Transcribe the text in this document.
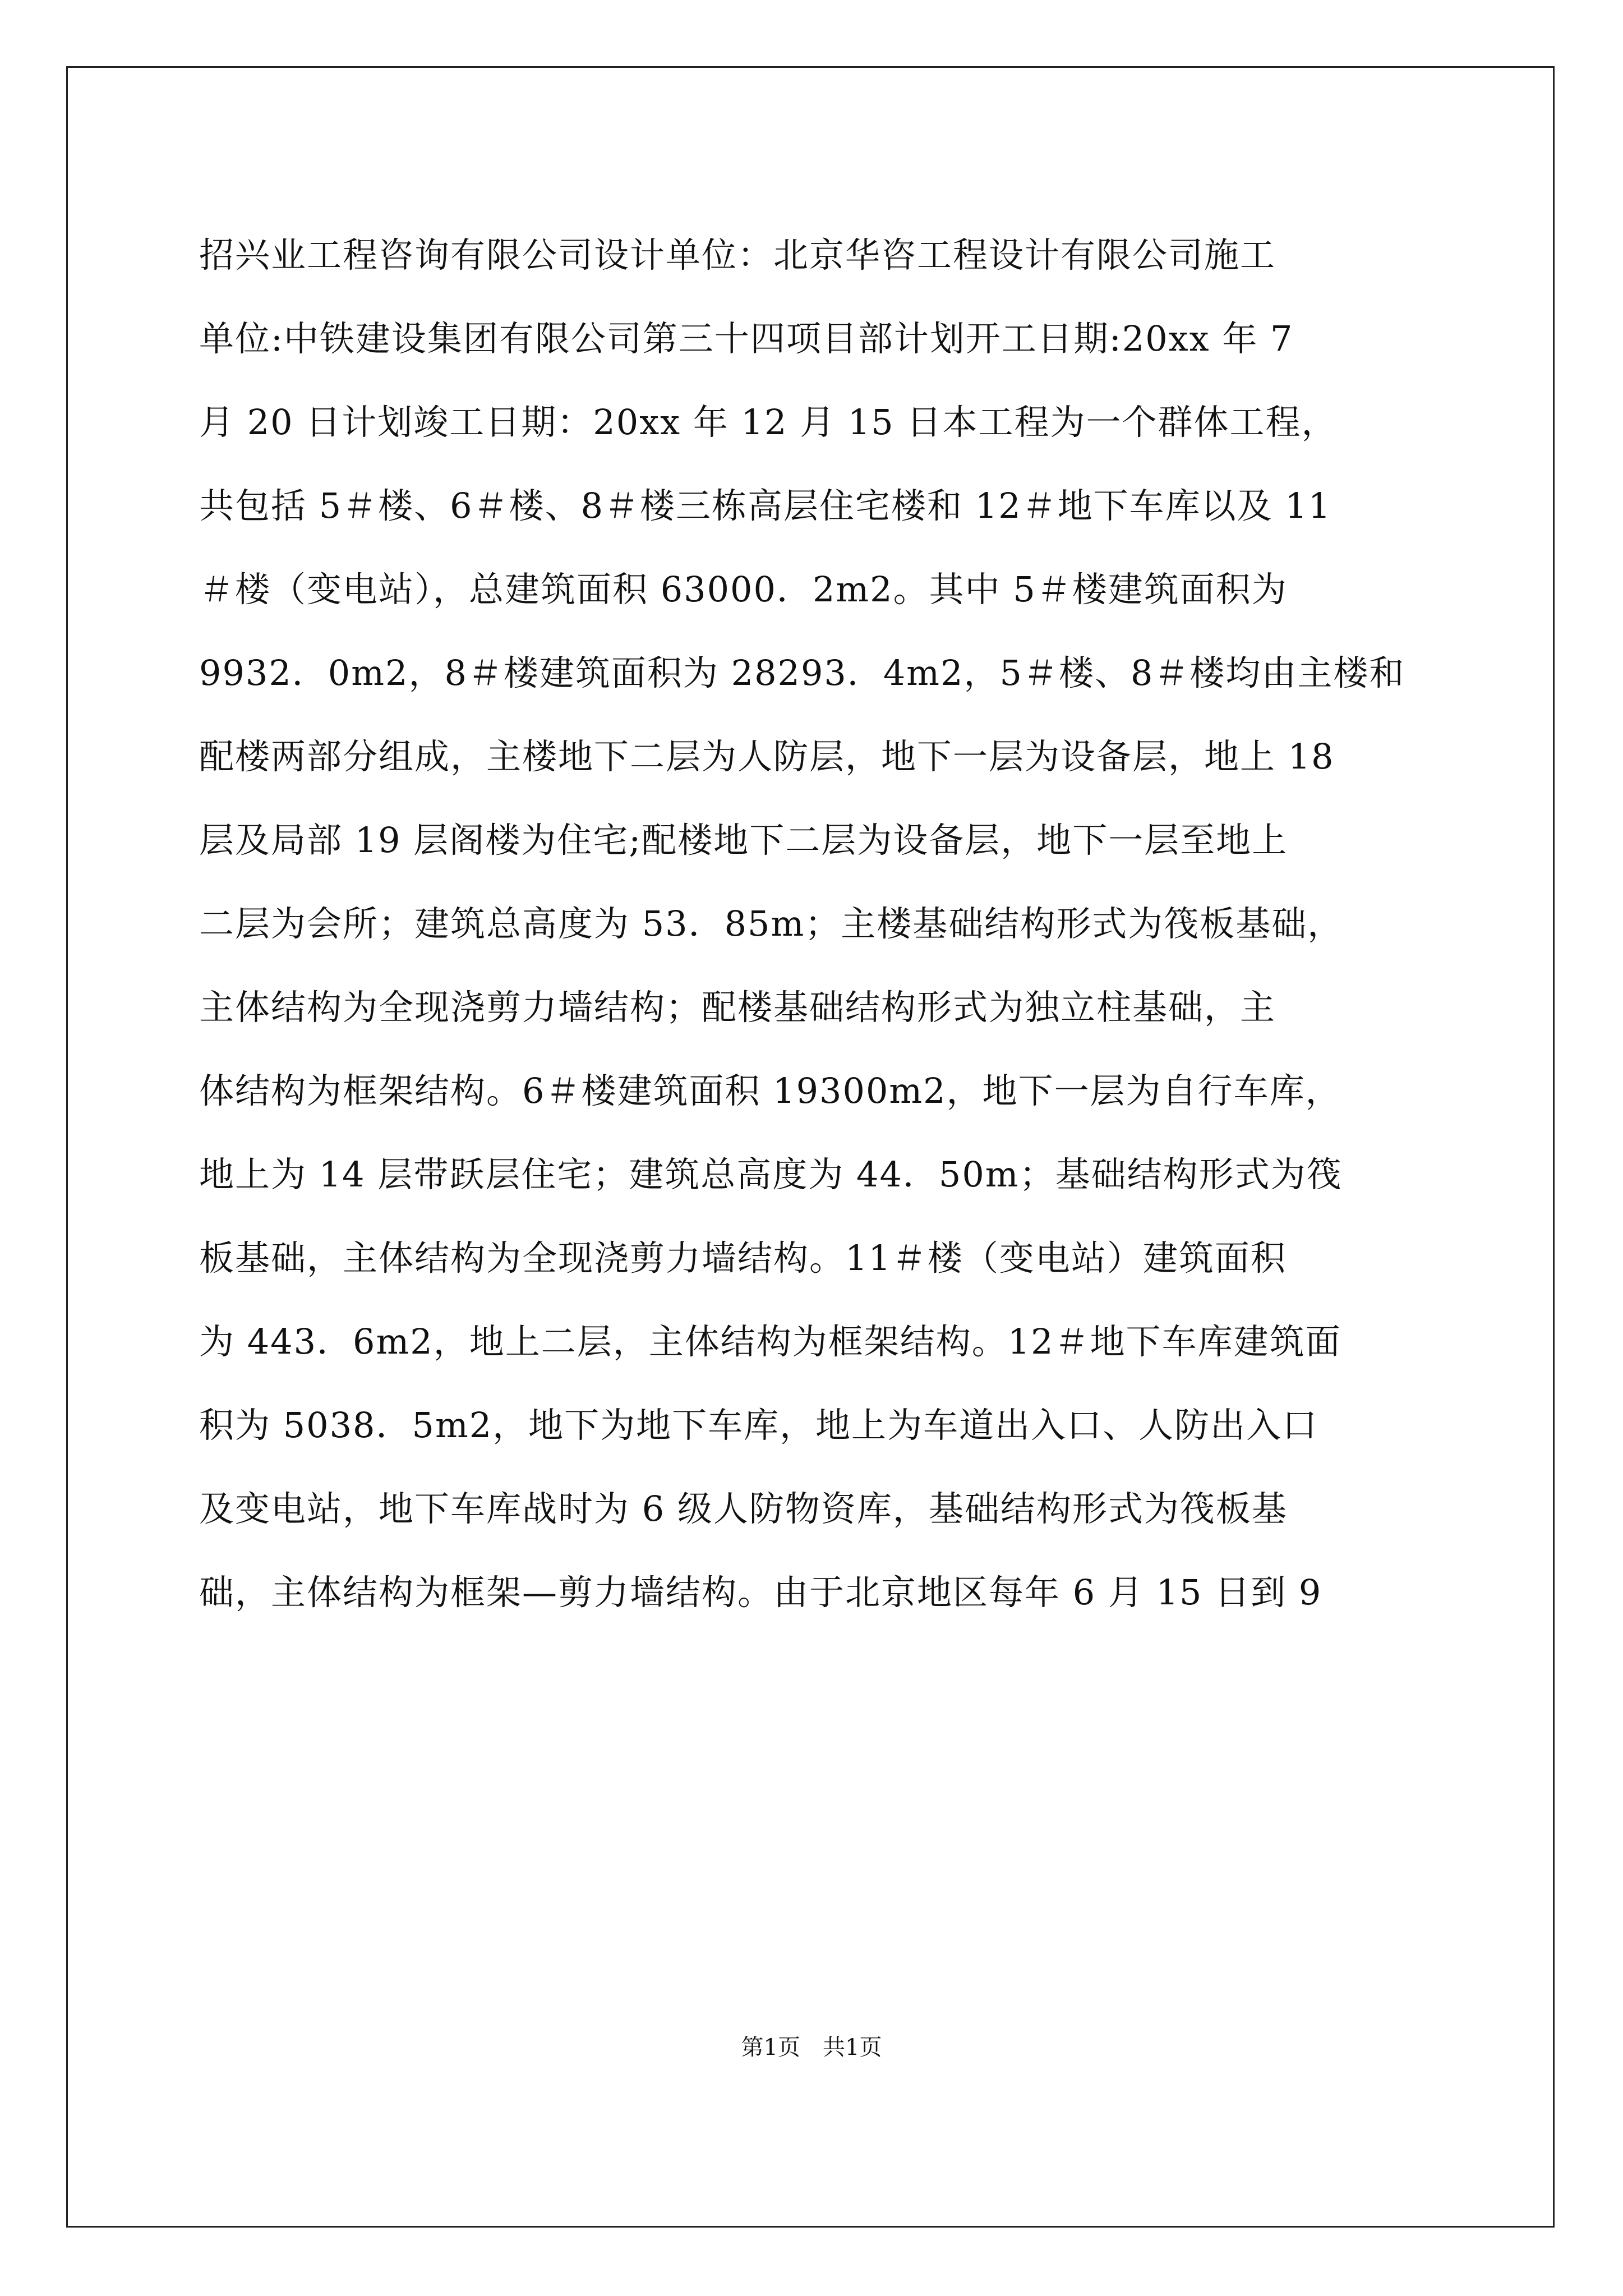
招兴业工程咨询有限公司设计单位：北京华咨工程设计有限公司施工
单位:中铁建设集团有限公司第三十四项目部计划开工日期:20xx 年 7
月 20 日计划竣工日期：20xx 年 12 月 15 日本工程为一个群体工程，
共包括 5＃楼、6＃楼、8＃楼三栋高层住宅楼和 12＃地下车库以及 11
＃楼（变电站），总建筑面积 63000．2m2。其中 5＃楼建筑面积为
9932．0m2，8＃楼建筑面积为 28293．4m2，5＃楼、8＃楼均由主楼和
配楼两部分组成，主楼地下二层为人防层，地下一层为设备层，地上 18
层及局部 19 层阁楼为住宅;配楼地下二层为设备层，地下一层至地上
二层为会所；建筑总高度为 53．85m；主楼基础结构形式为筏板基础，
主体结构为全现浇剪力墙结构；配楼基础结构形式为独立柱基础，主
体结构为框架结构。6＃楼建筑面积 19300m2，地下一层为自行车库，
地上为 14 层带跃层住宅；建筑总高度为 44．50m；基础结构形式为筏
板基础，主体结构为全现浇剪力墙结构。11＃楼（变电站）建筑面积
为 443．6m2，地上二层，主体结构为框架结构。12＃地下车库建筑面
积为 5038．5m2，地下为地下车库，地上为车道出入口、人防出入口
及变电站，地下车库战时为 6 级人防物资库，基础结构形式为筏板基
础，主体结构为框架—剪力墙结构。由于北京地区每年 6 月 15 日到 9
第1页　共1页
